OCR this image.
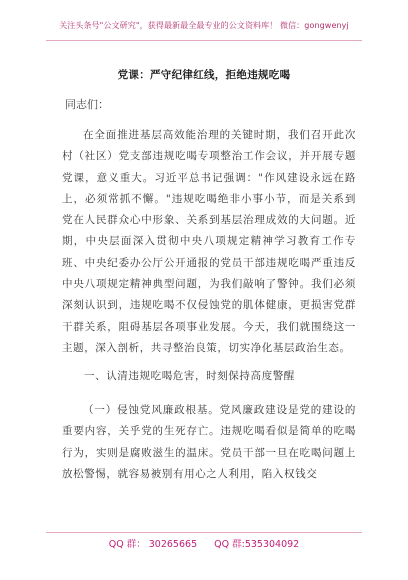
关注头条号"公文研究"，获得最新最全最专业的公文资料库！ 微信：gongwenyj
党课：严守纪律红线，拒绝违规吃喝
同志们：

在全面推进基层高效能治理的关键时期，我们召开此次村（社区）党支部违规吃喝专项整治工作会议，并开展专题党课，意义重大。习近平总书记强调："作风建设永远在路上，必须常抓不懈。"违规吃喝绝非小事小节，而是关系到党在人民群众心中形象、关系到基层治理成效的大问题。近期，中央层面深入贯彻中央八项规定精神学习教育工作专班、中央纪委办公厅公开通报的党员干部违规吃喝严重违反中央八项规定精神典型问题，为我们敲响了警钟。我们必须深刻认识到，违规吃喝不仅侵蚀党的肌体健康，更损害党群干群关系，阻碍基层各项事业发展。今天，我们就围绕这一主题，深入剖析，共寻整治良策，切实净化基层政治生态。

一、认清违规吃喝危害，时刻保持高度警醒

（一）侵蚀党风廉政根基。党风廉政建设是党的建设的重要内容，关乎党的生死存亡。违规吃喝看似是简单的吃喝行为，实则是腐败滋生的温床。党员干部一旦在吃喝问题上放松警惕，就容易被别有用心之人利用，陷入权钱交

QQ 群： 30265665 QQ 群:535304092
